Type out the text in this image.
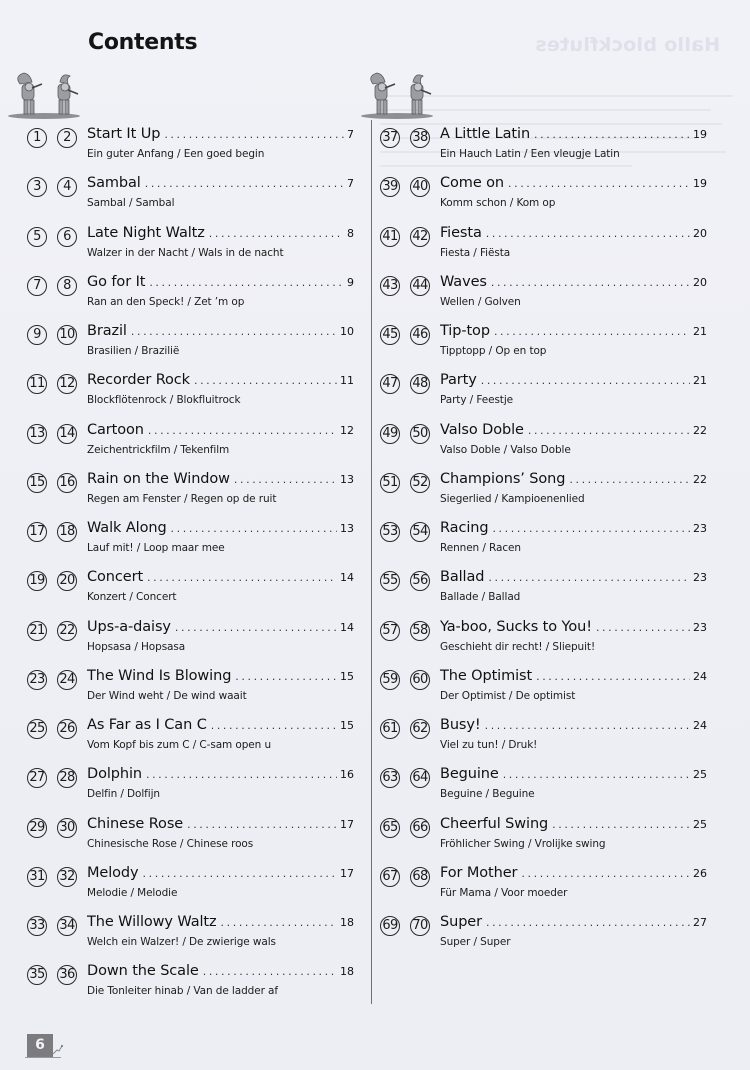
Hallo blockflutes
Contents
1	2	Start It Up .....	7
Ein guter Anfang / Een goed begin
3	4	Sambal .....	7
Sambal / Sambal
5	6	Late Night Waltz .....	8
Walzer in der Nacht / Wals in de nacht
7	8	Go for It .....	9
Ran an den Speck! / Zet ’m op
9	10 Brazil .....	10
Brasilien / Brazilië
11 12 Recorder Rock .....	11
Blockflötenrock / Blokfluitrock
13 14 Cartoon .....	12
Zeichentrickfilm / Tekenfilm
15 16 Rain on the Window .....	13
Regen am Fenster / Regen op de ruit
17 18 Walk Along .....	13
Lauf mit! / Loop maar mee
19 20 Concert .....	14
Konzert / Concert
21 22 Ups-a-daisy .....	14
Hopsasa / Hopsasa
23 24 The Wind Is Blowing .....	15
Der Wind weht / De wind waait
25 26 As Far as I Can C .....	15
Vom Kopf bis zum C / C-sam open u
27 28 Dolphin .....	16
Delfin / Dolfijn
29 30 Chinese Rose .....	17
Chinesische Rose / Chinese roos
31 32 Melody .....	17
Melodie / Melodie
33 34 The Willowy Waltz .....	18
Welch ein Walzer! / De zwierige wals
35 36 Down the Scale .....	18
Die Tonleiter hinab / Van de ladder af
37 38 A Little Latin .....	19
Ein Hauch Latin / Een vleugje Latin
39 40 Come on .....	19
Komm schon / Kom op
41 42 Fiesta .....	20
Fiesta / Fiësta
43 44 Waves .....	20
Wellen / Golven
45 46 Tip-top .....	21
Tipptopp / Op en top
47 48 Party .....	21
Party / Feestje
49 50 Valso Doble .....	22
Valso Doble / Valso Doble
51 52 Champions’ Song .....	22
Siegerlied / Kampioenenlied
53 54 Racing .....	23
Rennen / Racen
55 56 Ballad .....	23
Ballade / Ballad
57 58 Ya-boo, Sucks to You! .....	23
Geschieht dir recht! / Sliepuit!
59 60 The Optimist .....	24
Der Optimist / De optimist
61 62 Busy! .....	24
Viel zu tun! / Druk!
63 64 Beguine .....	25
Beguine / Beguine
65 66 Cheerful Swing .....	25
Fröhlicher Swing / Vrolijke swing
67 68 For Mother .....	26
Für Mama / Voor moeder
69 70 Super .....	27
Super / Super
6
